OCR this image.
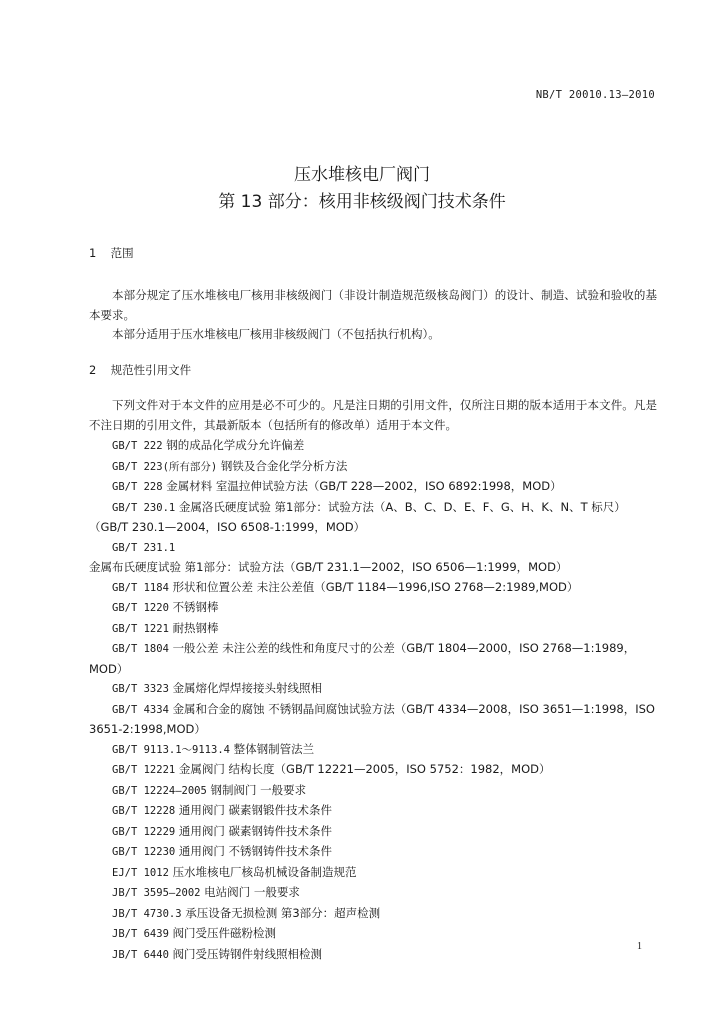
NB/T 20010.13—2010
压水堆核电厂阀门
第 13 部分：核用非核级阀门技术条件
1 范围
本部分规定了压水堆核电厂核用非核级阀门（非设计制造规范级核岛阀门）的设计、制造、试验和验收的基本要求。
本部分适用于压水堆核电厂核用非核级阀门（不包括执行机构）。
2 规范性引用文件
下列文件对于本文件的应用是必不可少的。凡是注日期的引用文件，仅所注日期的版本适用于本文件。凡是不注日期的引用文件，其最新版本（包括所有的修改单）适用于本文件。
GB/T 222 钢的成品化学成分允许偏差
GB/T 223(所有部分) 钢铁及合金化学分析方法
GB/T 228 金属材料 室温拉伸试验方法（GB/T 228—2002，ISO 6892:1998，MOD）
GB/T 230.1 金属洛氏硬度试验 第1部分：试验方法（A、B、C、D、E、F、G、H、K、N、T 标尺）（GB/T 230.1—2004，ISO 6508-1:1999，MOD）
GB/T 231.1 金属布氏硬度试验 第1部分：试验方法（GB/T 231.1—2002，ISO 6506—1:1999，MOD）
GB/T 1184 形状和位置公差 未注公差值（GB/T 1184—1996,ISO 2768—2:1989,MOD）
GB/T 1220 不锈钢棒
GB/T 1221 耐热钢棒
GB/T 1804 一般公差 未注公差的线性和角度尺寸的公差（GB/T 1804—2000，ISO 2768—1:1989，MOD）
GB/T 3323 金属熔化焊焊接接头射线照相
GB/T 4334 金属和合金的腐蚀 不锈钢晶间腐蚀试验方法（GB/T 4334—2008，ISO 3651—1:1998，ISO 3651-2:1998,MOD）
GB/T 9113.1～9113.4 整体钢制管法兰
GB/T 12221 金属阀门 结构长度（GB/T 12221—2005，ISO 5752：1982，MOD）
GB/T 12224—2005 钢制阀门 一般要求
GB/T 12228 通用阀门 碳素钢锻件技术条件
GB/T 12229 通用阀门 碳素钢铸件技术条件
GB/T 12230 通用阀门 不锈钢铸件技术条件
EJ/T 1012 压水堆核电厂核岛机械设备制造规范
JB/T 3595—2002 电站阀门 一般要求
JB/T 4730.3 承压设备无损检测 第3部分：超声检测
JB/T 6439 阀门受压件磁粉检测
JB/T 6440 阀门受压铸钢件射线照相检测	1
